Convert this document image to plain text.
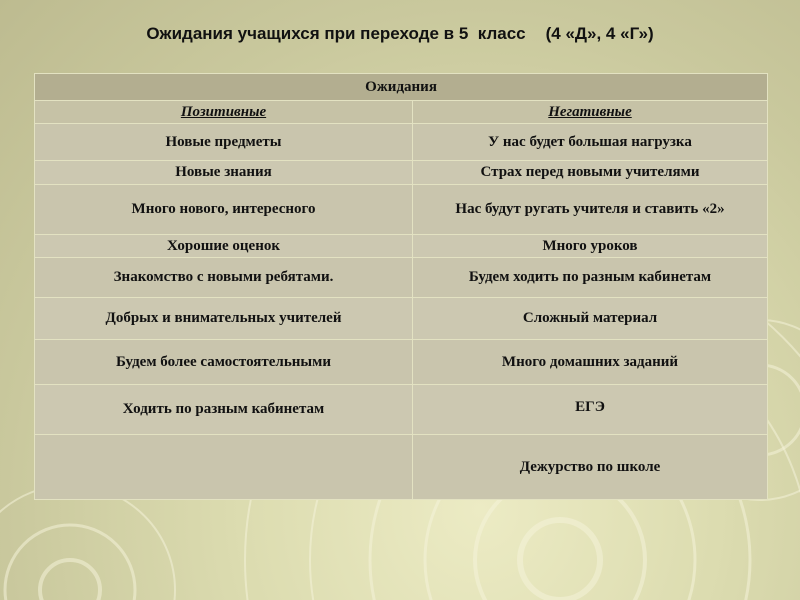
Ожидания учащихся при переходе в 5  класс (4 «Д», 4 «Г»)
Ожидания	
Позитивные	Негативные
Новые предметы	У нас будет большая нагрузка
Новые знания	Страх перед новыми учителями
Много нового, интересного	Нас будут ругать учителя и ставить «2»
Хорошие оценок	Много уроков
Знакомство с новыми ребятами.	Будем ходить по разным кабинетам
Добрых и внимательных учителей	Сложный материал
Будем более самостоятельными	Много домашних заданий
Ходить по разным кабинетам	ЕГЭ
	Дежурство по школе
